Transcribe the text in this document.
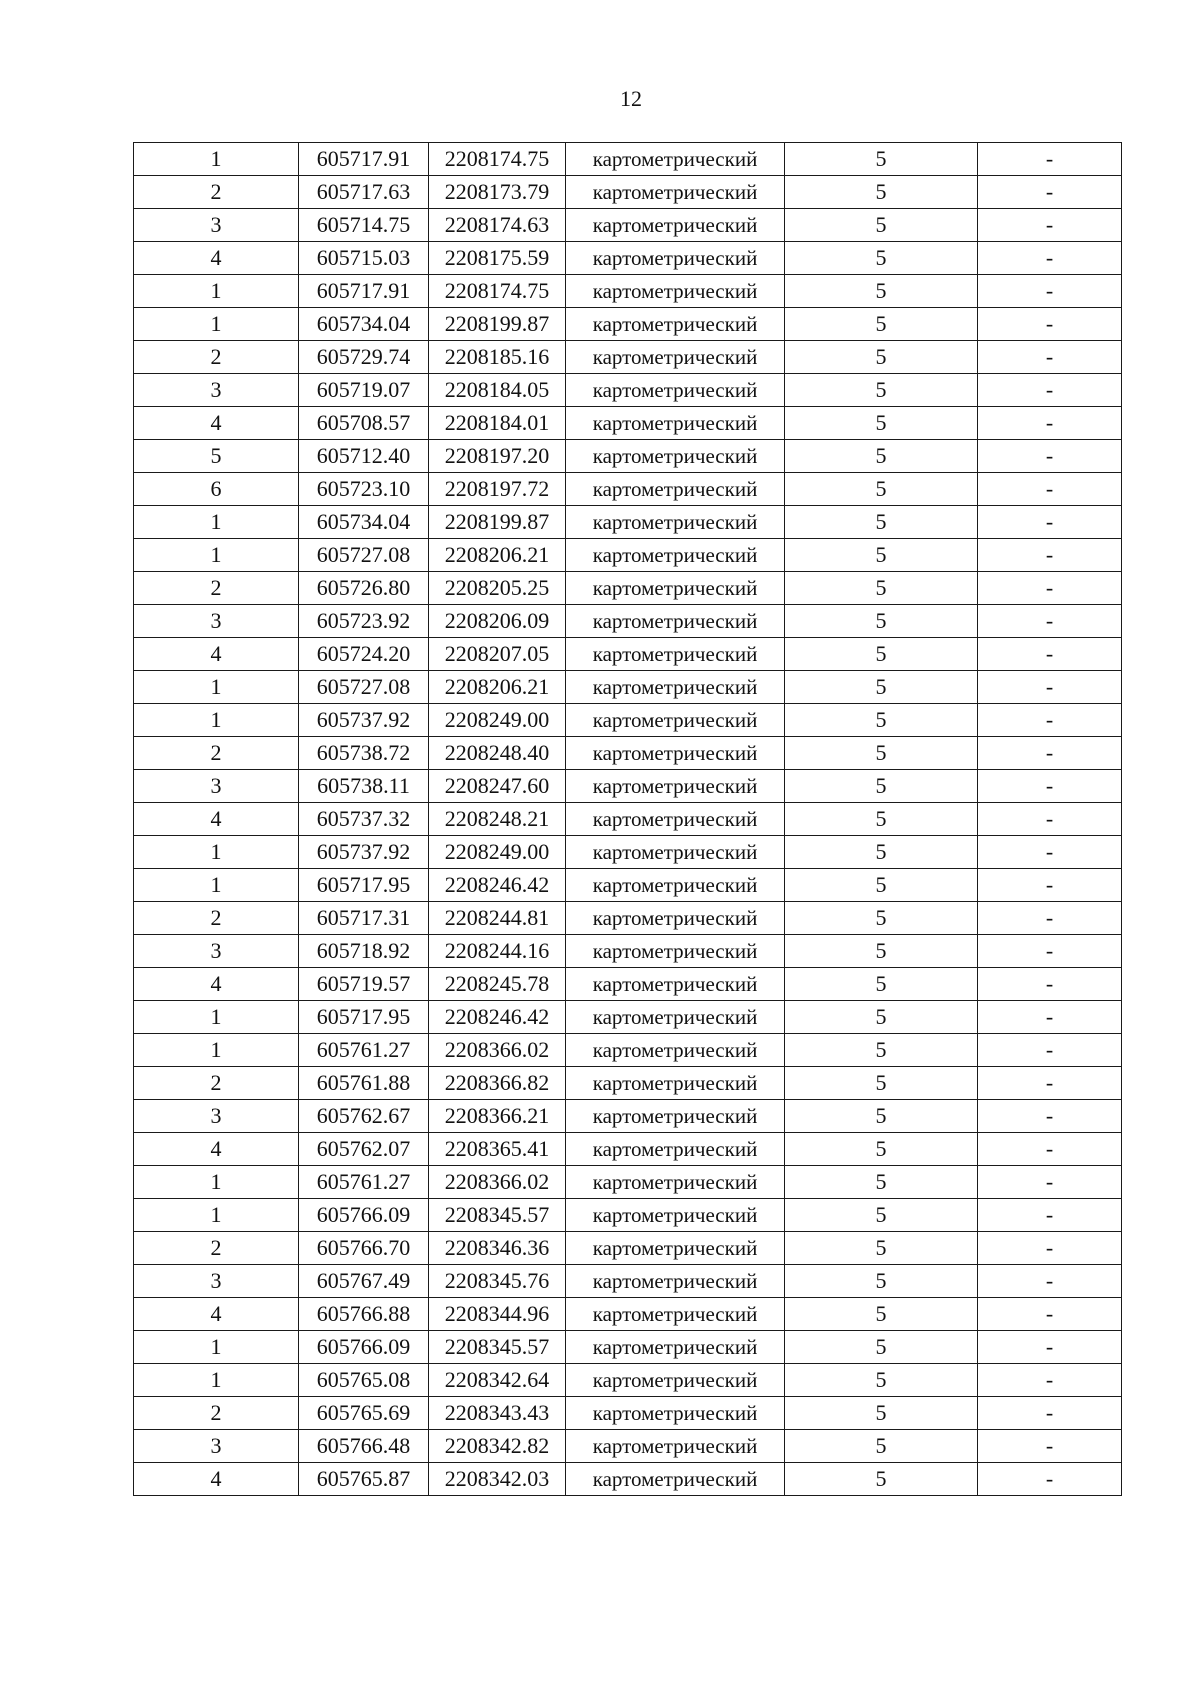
12
1	605717.91	2208174.75	картометрический	5	-
2	605717.63	2208173.79	картометрический	5	-
3	605714.75	2208174.63	картометрический	5	-
4	605715.03	2208175.59	картометрический	5	-
1	605717.91	2208174.75	картометрический	5	-
1	605734.04	2208199.87	картометрический	5	-
2	605729.74	2208185.16	картометрический	5	-
3	605719.07	2208184.05	картометрический	5	-
4	605708.57	2208184.01	картометрический	5	-
5	605712.40	2208197.20	картометрический	5	-
6	605723.10	2208197.72	картометрический	5	-
1	605734.04	2208199.87	картометрический	5	-
1	605727.08	2208206.21	картометрический	5	-
2	605726.80	2208205.25	картометрический	5	-
3	605723.92	2208206.09	картометрический	5	-
4	605724.20	2208207.05	картометрический	5	-
1	605727.08	2208206.21	картометрический	5	-
1	605737.92	2208249.00	картометрический	5	-
2	605738.72	2208248.40	картометрический	5	-
3	605738.11	2208247.60	картометрический	5	-
4	605737.32	2208248.21	картометрический	5	-
1	605737.92	2208249.00	картометрический	5	-
1	605717.95	2208246.42	картометрический	5	-
2	605717.31	2208244.81	картометрический	5	-
3	605718.92	2208244.16	картометрический	5	-
4	605719.57	2208245.78	картометрический	5	-
1	605717.95	2208246.42	картометрический	5	-
1	605761.27	2208366.02	картометрический	5	-
2	605761.88	2208366.82	картометрический	5	-
3	605762.67	2208366.21	картометрический	5	-
4	605762.07	2208365.41	картометрический	5	-
1	605761.27	2208366.02	картометрический	5	-
1	605766.09	2208345.57	картометрический	5	-
2	605766.70	2208346.36	картометрический	5	-
3	605767.49	2208345.76	картометрический	5	-
4	605766.88	2208344.96	картометрический	5	-
1	605766.09	2208345.57	картометрический	5	-
1	605765.08	2208342.64	картометрический	5	-
2	605765.69	2208343.43	картометрический	5	-
3	605766.48	2208342.82	картометрический	5	-
4	605765.87	2208342.03	картометрический	5	-
